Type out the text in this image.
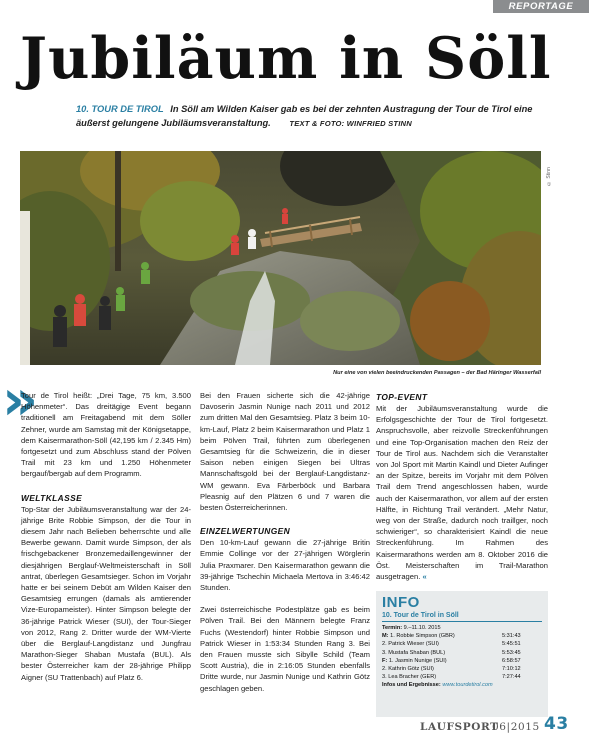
REPORTAGE
Jubiläum in Söll
10. TOUR DE TIROL In Söll am Wilden Kaiser gab es bei der zehnten Austragung der Tour de Tirol eine äußerst gelungene Jubiläumsveranstaltung. TEXT & FOTO: WINFRIED STINN
© Stinn
Nur eine von vielen beeindruckenden Passagen – der Bad Häringer Wasserfall
»

Tour de Tirol heißt: „Drei Tage, 75 km, 3.500 Höhenmeter“. Das dreitägige Event begann traditionell am Freitagabend mit dem Söller Zehner, wurde am Samstag mit der Königsetappe, dem Kaisermarathon-Söll (42,195 km / 2.345 Hm) fortgesetzt und zum Abschluss stand der Pölven Trail mit 23 km und 1.250 Höhenmeter bergauf/bergab auf dem Programm.

WELTKLASSE

Top-Star der Jubiläumsveranstaltung war der 24-jährige Brite Robbie Simpson, der die Tour in diesem Jahr nach Belieben beherrschte und alle Bewerbe gewann. Damit wurde Simpson, der als frischgebackener Bronzemedaillengewinner der diesjährigen Berglauf-Weltmeisterschaft in Söll antrat, überlegen Gesamtsieger. Schon im Vorjahr hatte er bei seinem Debüt am Wilden Kaiser den Gesamtsieg errungen (damals als amtierender Vize-Europameister). Hinter Simpson belegte der 36-jährige Patrick Wieser (SUI), der Tour-Sieger von 2012, Rang 2. Dritter wurde der WM-Vierte über die Berglauf-Langdistanz und Jungfrau Marathon-Sieger Shaban Mustafa (BUL). Als bester Österreicher kam der 28-jährige Philipp Aigner (SU Trattenbach) auf Platz 6.

Bei den Frauen sicherte sich die 42-jährige Davoserin Jasmin Nunige nach 2011 und 2012 zum dritten Mal den Gesamtsieg. Platz 3 beim 10-km-Lauf, Platz 2 beim Kaisermarathon und Platz 1 beim Pölven Trail, führten zum überlegenen Gesamtsieg für die Schweizerin, die in dieser Saison neben einigen Siegen bei Ultras Mannschaftsgold bei der Berglauf-Langdistanz-WM gewann. Eva Färberböck und Barbara Pleasnig auf den Plätzen 6 und 7 waren die besten Österreicherinnen.

EINZELWERTUNGEN

Den 10-km-Lauf gewann die 27-jährige Britin Emmie Collinge vor der 27-jährigen Wörglerin Julia Praxmarer. Den Kaisermarathon gewann die 39-jährige Tschechin Michaela Mertova in 3:46:42 Stunden.

Zwei österreichische Podestplätze gab es beim Pölven Trail. Bei den Männern belegte Franz Fuchs (Westendorf) hinter Robbie Simpson und Patrick Wieser in 1:53:34 Stunden Rang 3. Bei den Frauen musste sich Sibylle Schild (Team Scott Austria), die in 2:16:05 Stunden ebenfalls Dritte wurde, nur Jasmin Nunige und Kathrin Götz geschlagen geben.

TOP-EVENT

Mit der Jubiläumsveranstaltung wurde die Erfolgsgeschichte der Tour de Tirol fortgesetzt. Anspruchsvolle, aber reizvolle Streckenführungen und eine Top-Organisation machen den Reiz der Tour de Tirol aus. Nachdem sich die Veranstalter von Jol Sport mit Martin Kaindl und Dieter Aufinger an der Spitze, bereits im Vorjahr mit dem Pölven Trail dem Trend angeschlossen haben, wurde auch der Kaisermarathon, vor allem auf der ersten Hälfte, in Richtung Trail verändert. „Mehr Natur, weg von der Straße, dadurch noch traillger, noch schwieriger“, so charakterisiert Kaindl die neue Streckenführung. Im Rahmen des Kaisermarathons werden am 8. Oktober 2016 die Öst. Meisterschaften im Trail-Marathon ausgetragen. «

INFO
10. Tour de Tirol in Söll
Termin: 9.–11.10. 2015
M: 1. Robbie Simpson (GBR)	5:31:43
2. Patrick Wieser (SUI)	5:45:51
3. Mustafa Shaban (BUL)	5:53:45
F: 1. Jasmin Nunige (SUI)	6:58:57
2. Kathrin Götz (SUI)	7:10:12
3. Lea Bracher (GER)	7:27:44
Infos und Ergebnisse: www.tourdetirol.com
LAUFSPORT
06|2015 43
